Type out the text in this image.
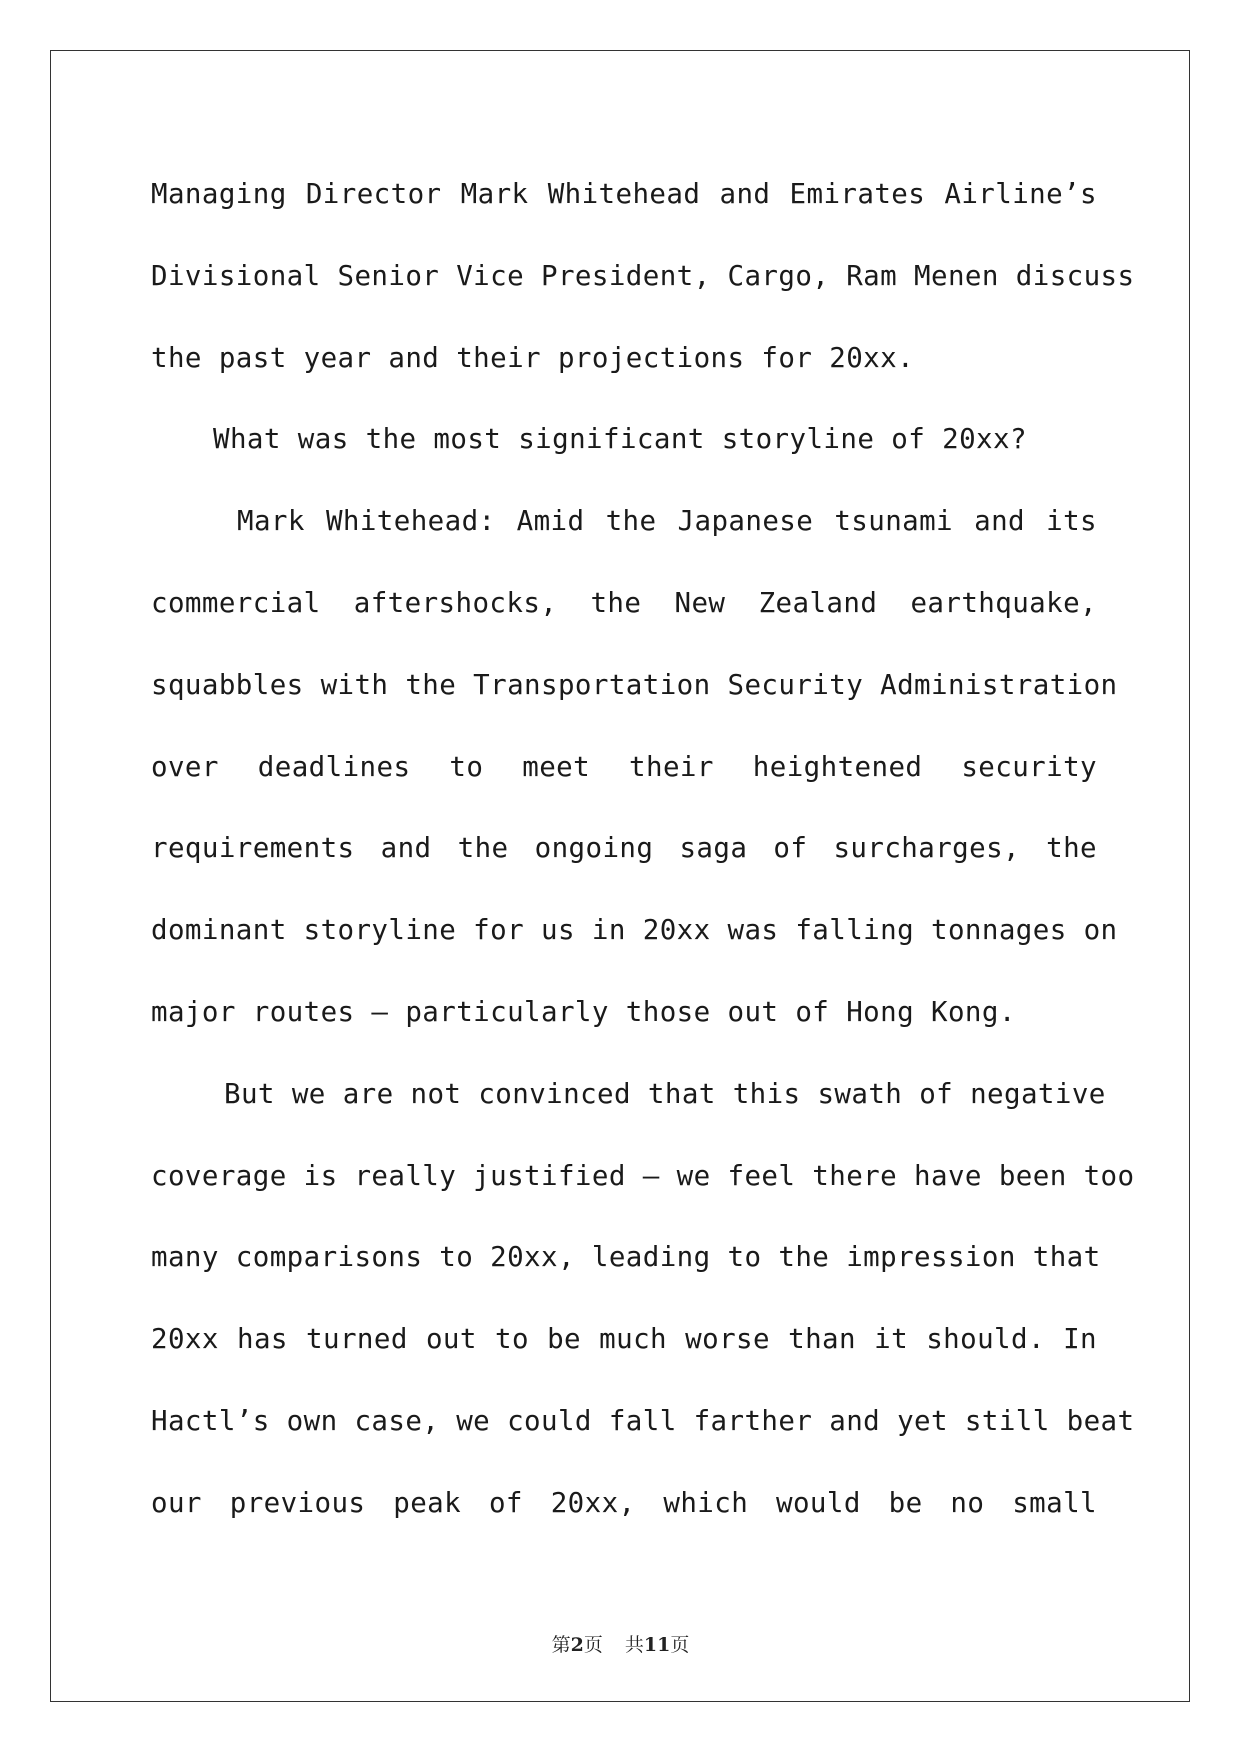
Managing Director Mark Whitehead and Emirates Airline’s
Divisional Senior Vice President, Cargo, Ram Menen discuss
the past year and their projections for 20xx.
What was the most significant storyline of 20xx?
Mark Whitehead: Amid the Japanese tsunami and its
commercial aftershocks, the New Zealand earthquake,
squabbles with the Transportation Security Administration
over deadlines to meet their heightened security
requirements and the ongoing saga of surcharges, the
dominant storyline for us in 20xx was falling tonnages on
major routes — particularly those out of Hong Kong.
But we are not convinced that this swath of negative
coverage is really justified — we feel there have been too
many comparisons to 20xx, leading to the impression that
20xx has turned out to be much worse than it should. In
Hactl’s own case, we could fall farther and yet still beat
our previous peak of 20xx, which would be no small
第2页 共11页
